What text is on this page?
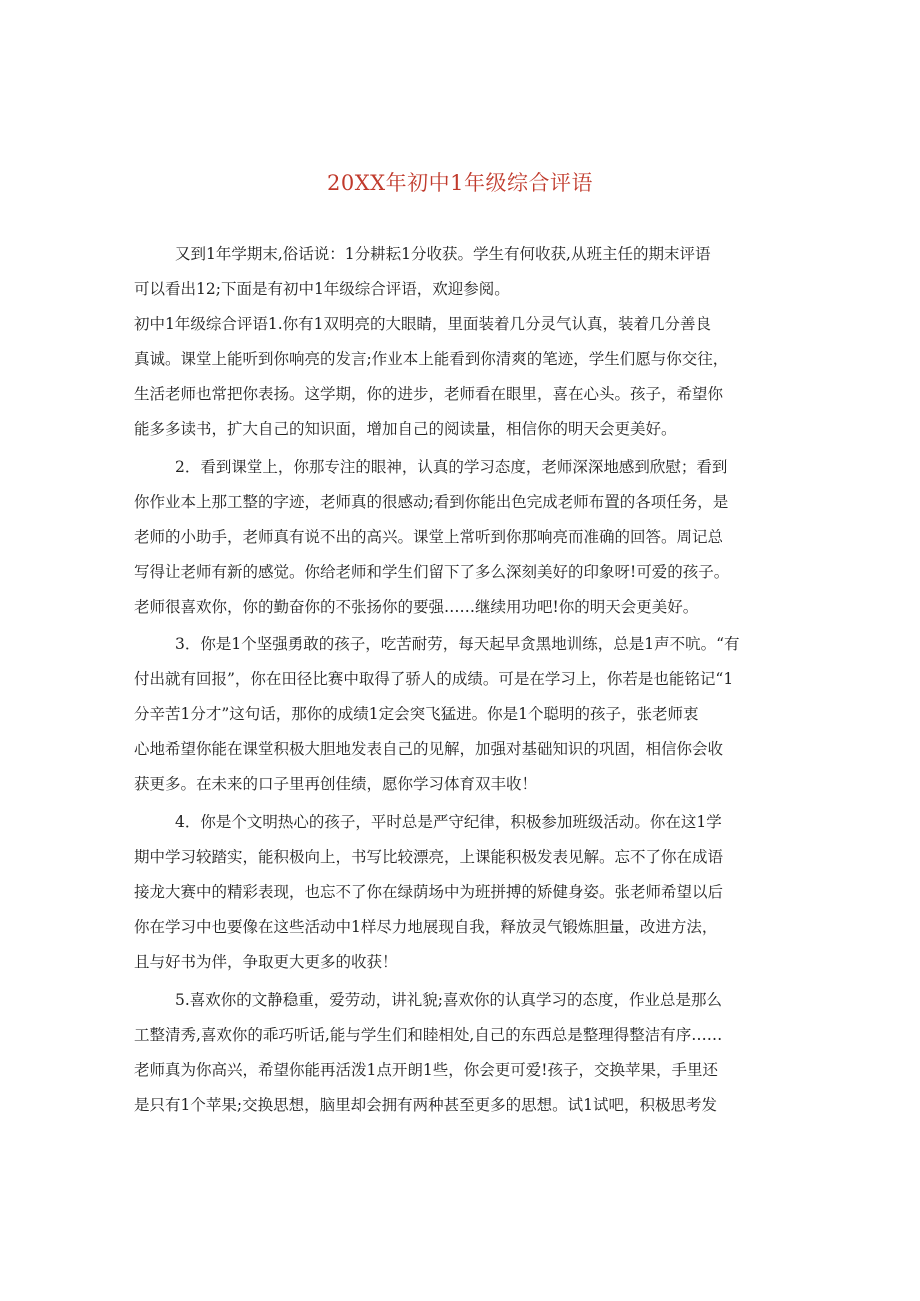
20XX年初中1年级综合评语
又到1年学期末,俗话说：1分耕耘1分收获。学生有何收获,从班主任的期末评语
可以看出12;下面是有初中1年级综合评语，欢迎参阅。
初中1年级综合评语1.你有1双明亮的大眼睛，里面装着几分灵气认真，装着几分善良
真诚。课堂上能听到你响亮的发言;作业本上能看到你清爽的笔迹，学生们愿与你交往，
生活老师也常把你表扬。这学期，你的进步，老师看在眼里，喜在心头。孩子，希望你
能多多读书，扩大自己的知识面，增加自己的阅读量，相信你的明天会更美好。
2．看到课堂上，你那专注的眼神，认真的学习态度，老师深深地感到欣慰；看到
你作业本上那工整的字迹，老师真的很感动;看到你能出色完成老师布置的各项任务，是
老师的小助手，老师真有说不出的高兴。课堂上常听到你那响亮而准确的回答。周记总
写得让老师有新的感觉。你给老师和学生们留下了多么深刻美好的印象呀!可爱的孩子。
老师很喜欢你，你的勤奋你的不张扬你的要强……继续用功吧!你的明天会更美好。
3．你是1个坚强勇敢的孩子，吃苦耐劳，每天起早贪黑地训练，总是1声不吭。“有
付出就有回报”，你在田径比赛中取得了骄人的成绩。可是在学习上，你若是也能铭记“1
分辛苦1分才”这句话，那你的成绩1定会突飞猛进。你是1个聪明的孩子，张老师衷
心地希望你能在课堂积极大胆地发表自己的见解，加强对基础知识的巩固，相信你会收
获更多。在未来的口子里再创佳绩，愿你学习体育双丰收！
4．你是个文明热心的孩子，平时总是严守纪律，积极参加班级活动。你在这1学
期中学习较踏实，能积极向上，书写比较漂亮，上课能积极发表见解。忘不了你在成语
接龙大赛中的精彩表现，也忘不了你在绿荫场中为班拼搏的矫健身姿。张老师希望以后
你在学习中也要像在这些活动中1样尽力地展现自我，释放灵气锻炼胆量，改进方法，
且与好书为伴，争取更大更多的收获！
5.喜欢你的文静稳重，爱劳动，讲礼貌;喜欢你的认真学习的态度，作业总是那么
工整清秀,喜欢你的乖巧听话,能与学生们和睦相处,自己的东西总是整理得整洁有序……
老师真为你高兴，希望你能再活泼1点开朗1些，你会更可爱!孩子，交换苹果，手里还
是只有1个苹果;交换思想，脑里却会拥有两种甚至更多的思想。试1试吧，积极思考发
